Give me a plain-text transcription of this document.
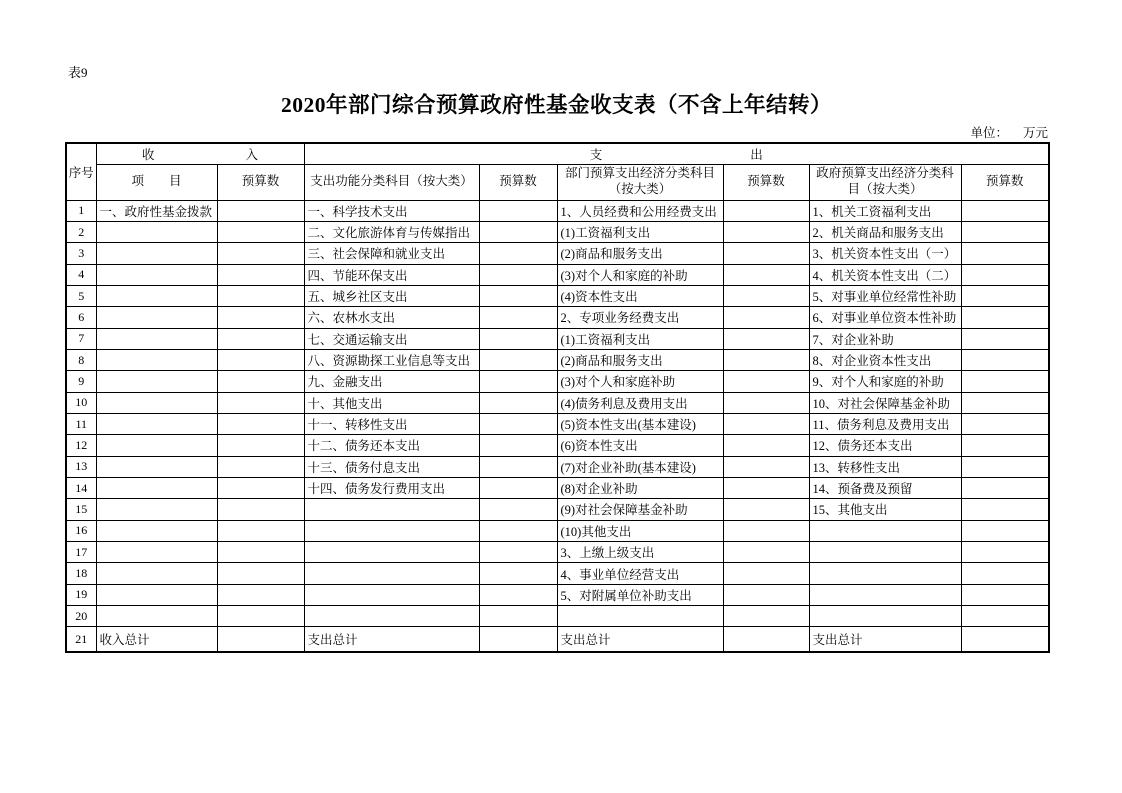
表9
2020年部门综合预算政府性基金收支表（不含上年结转）
单位： 万元
序号	收 入		支 出					

	项　　目	预算数	支出功能分类科目（按大类）	预算数	部门预算支出经济分类科目（按大类）	预算数	政府预算支出经济分类科目（按大类）	预算数
1	一、政府性基金拨款		一、科学技术支出		1、人员经费和公用经费支出		1、机关工资福利支出	
2			二、文化旅游体育与传媒指出		(1)工资福利支出		2、机关商品和服务支出	
3			三、社会保障和就业支出		(2)商品和服务支出		3、机关资本性支出（一）	
4			四、节能环保支出		(3)对个人和家庭的补助		4、机关资本性支出（二）	
5			五、城乡社区支出		(4)资本性支出		5、对事业单位经常性补助	
6			六、农林水支出		2、专项业务经费支出		6、对事业单位资本性补助	
7			七、交通运输支出		(1)工资福利支出		7、对企业补助	
8			八、资源勘探工业信息等支出		(2)商品和服务支出		8、对企业资本性支出	
9			九、金融支出		(3)对个人和家庭补助		9、对个人和家庭的补助	
10			十、其他支出		(4)债务利息及费用支出		10、对社会保障基金补助	
11			十一、转移性支出		(5)资本性支出(基本建设)		11、债务利息及费用支出	
12			十二、债务还本支出		(6)资本性支出		12、债务还本支出	
13			十三、债务付息支出		(7)对企业补助(基本建设)		13、转移性支出	
14			十四、债务发行费用支出		(8)对企业补助		14、预备费及预留	
15					(9)对社会保障基金补助		15、其他支出	
16					(10)其他支出			
17					3、上缴上级支出			
18					4、事业单位经营支出			
19					5、对附属单位补助支出			
20								
21	收入总计		支出总计		支出总计		支出总计	
